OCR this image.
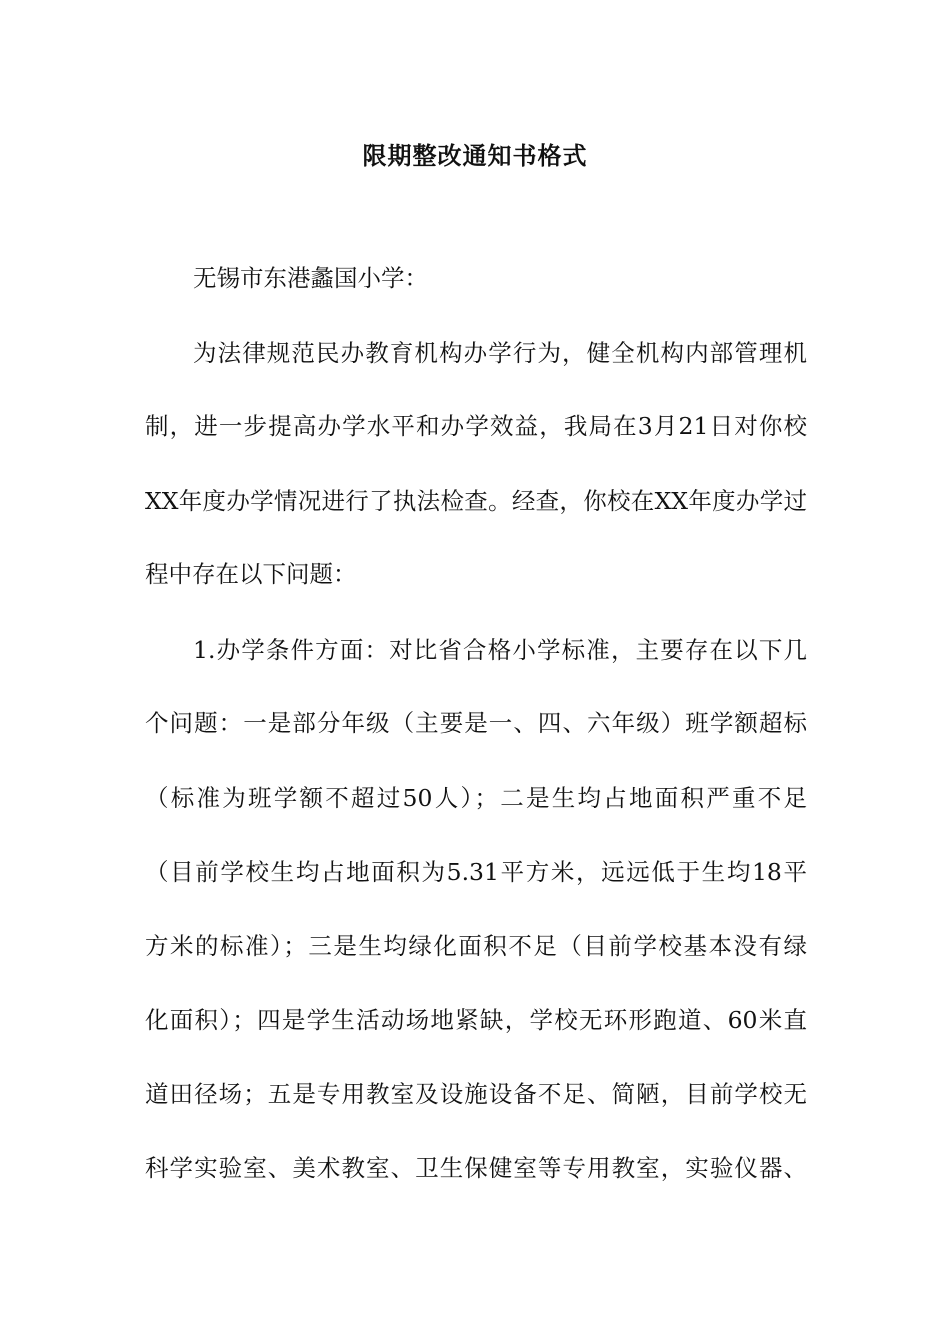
限期整改通知书格式
无锡市东港蠡国小学：
为法律规范民办教育机构办学行为，健全机构内部管理机
制，进一步提高办学水平和办学效益，我局在3月21日对你校
XX年度办学情况进行了执法检查。经查，你校在XX年度办学过
程中存在以下问题：
1.办学条件方面：对比省合格小学标准，主要存在以下几
个问题：一是部分年级（主要是一、四、六年级）班学额超标
（标准为班学额不超过50人）；二是生均占地面积严重不足
（目前学校生均占地面积为5.31平方米，远远低于生均18平
方米的标准）；三是生均绿化面积不足（目前学校基本没有绿
化面积）；四是学生活动场地紧缺，学校无环形跑道、60米直
道田径场；五是专用教室及设施设备不足、简陋，目前学校无
科学实验室、美术教室、卫生保健室等专用教室，实验仪器、
